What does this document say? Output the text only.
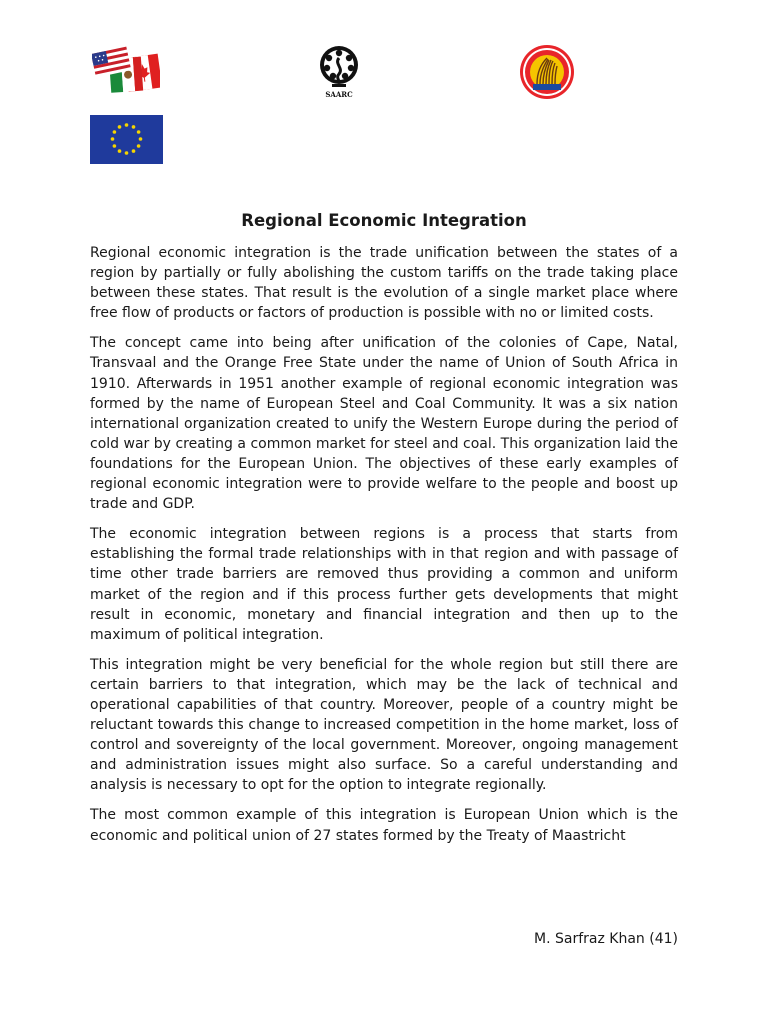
SAARC
Regional Economic Integration

Regional economic integration is the trade unification between the states of a region by partially or fully abolishing the custom tariffs on the trade taking place between these states. That result is the evolution of a single market place where free flow of products or factors of production is possible with no or limited costs.

The concept came into being after unification of the colonies of Cape, Natal, Transvaal and the Orange Free State under the name of Union of South Africa in 1910. Afterwards in 1951 another example of regional economic integration was formed by the name of European Steel and Coal Community. It was a six nation international organization created to unify the Western Europe during the period of cold war by creating a common market for steel and coal. This organization laid the foundations for the European Union. The objectives of these early examples of regional economic integration were to provide welfare to the people and boost up trade and GDP.

The economic integration between regions is a process that starts from establishing the formal trade relationships with in that region and with passage of time other trade barriers are removed thus providing a common and uniform market of the region and if this process further gets developments that might result in economic, monetary and financial integration and then up to the maximum of political integration.

This integration might be very beneficial for the whole region but still there are certain barriers to that integration, which may be the lack of technical and operational capabilities of that country. Moreover, people of a country might be reluctant towards this change to increased competition in the home market, loss of control and sovereignty of the local government. Moreover, ongoing management and administration issues might also surface. So a careful understanding and analysis is necessary to opt for the option to integrate regionally.

The most common example of this integration is European Union which is the economic and political union of 27 states formed by the Treaty of Maastricht

M. Sarfraz Khan (41)
